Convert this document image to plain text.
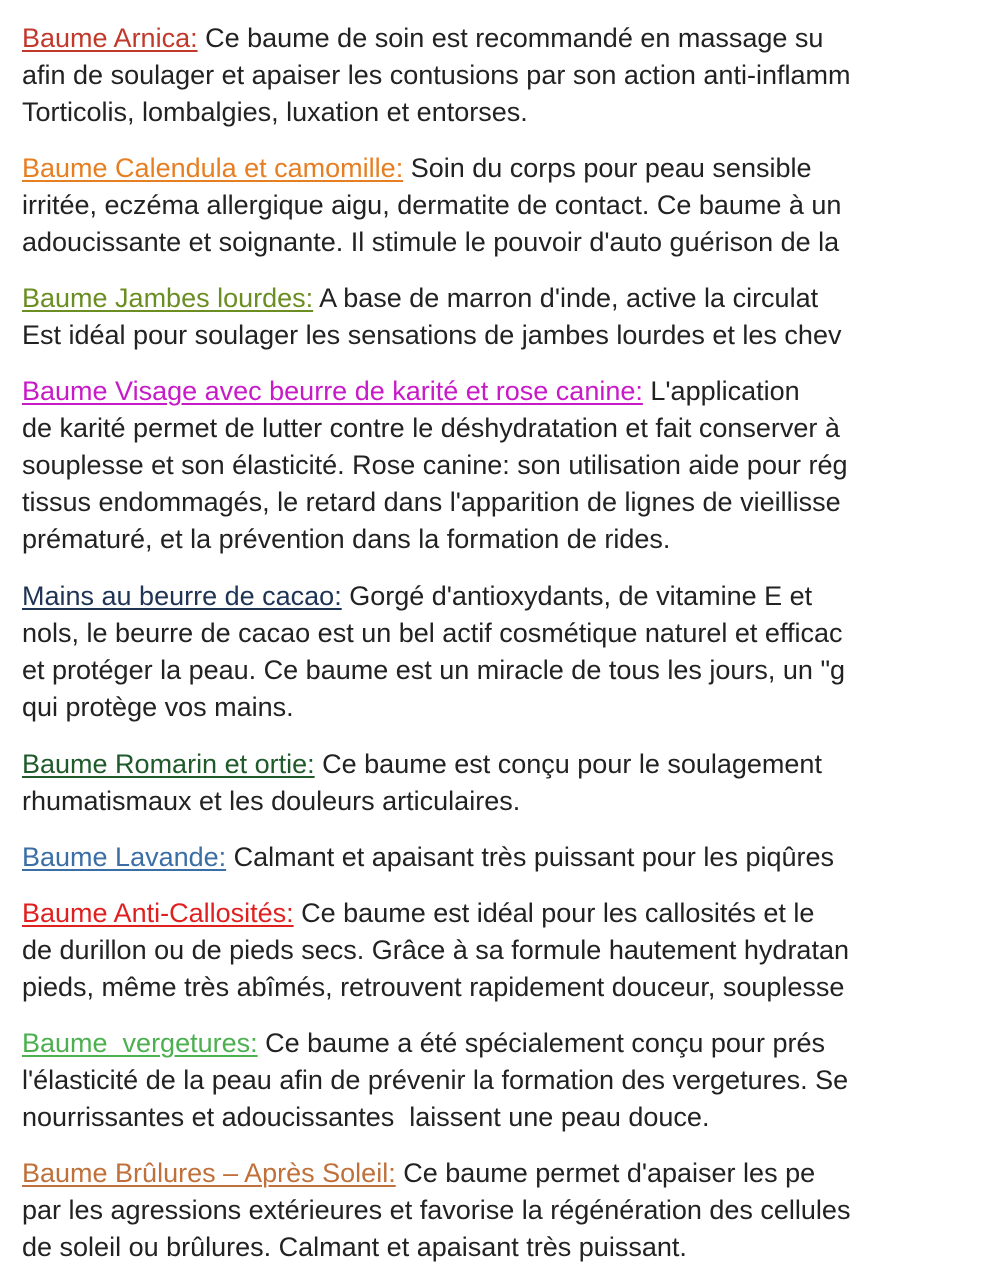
Baume Arnica: Ce baume de soin est recommandé en massage su
afin de soulager et apaiser les contusions par son action anti-inflamm
Torticolis, lombalgies, luxation et entorses.
Baume Calendula et camomille: Soin du corps pour peau sensible
irritée, eczéma allergique aigu, dermatite de contact. Ce baume à un
adoucissante et soignante. Il stimule le pouvoir d'auto guérison de la
Baume Jambes lourdes: A base de marron d'inde, active la circulat
Est idéal pour soulager les sensations de jambes lourdes et les chev
Baume Visage avec beurre de karité et rose canine: L'application
de karité permet de lutter contre le déshydratation et fait conserver à
souplesse et son élasticité. Rose canine: son utilisation aide pour rég
tissus endommagés, le retard dans l'apparition de lignes de vieillisse
prématuré, et la prévention dans la formation de rides.
Mains au beurre de cacao: Gorgé d'antioxydants, de vitamine E et
nols, le beurre de cacao est un bel actif cosmétique naturel et efficac
et protéger la peau. Ce baume est un miracle de tous les jours, un "g
qui protège vos mains.
Baume Romarin et ortie: Ce baume est conçu pour le soulagement
rhumatismaux et les douleurs articulaires.
Baume Lavande: Calmant et apaisant très puissant pour les piqûres
Baume Anti-Callosités: Ce baume est idéal pour les callosités et le
de durillon ou de pieds secs. Grâce à sa formule hautement hydratan
pieds, même très abîmés, retrouvent rapidement douceur, souplesse
Baume  vergetures: Ce baume a été spécialement conçu pour prés
l'élasticité de la peau afin de prévenir la formation des vergetures. Se
nourrissantes et adoucissantes  laissent une peau douce.
Baume Brûlures – Après Soleil: Ce baume permet d'apaiser les pe
par les agressions extérieures et favorise la régénération des cellules
de soleil ou brûlures. Calmant et apaisant très puissant.
